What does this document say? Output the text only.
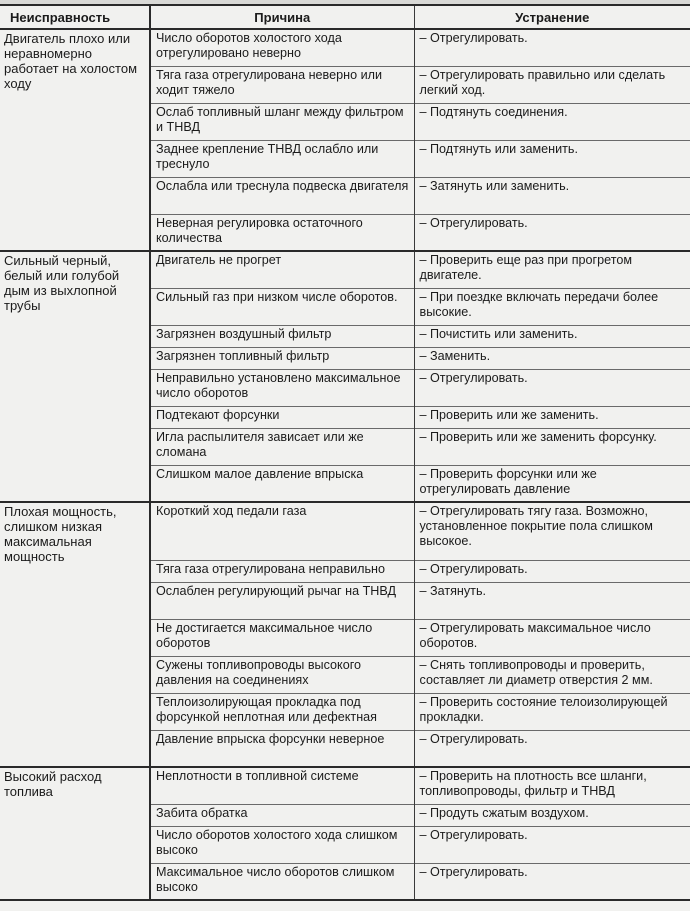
Неисправность	Причина	Устранение
Двигатель плохо или неравномерно работает на холостом ходу	Число оборотов холостого хода отрегулировано неверно	– Отрегулировать.
	Тяга газа отрегулирована неверно или ходит тяжело	– Отрегулировать правильно или сделать легкий ход.
	Ослаб топливный шланг между фильтром и ТНВД	– Подтянуть соединения.
	Заднее крепление ТНВД ослабло или треснуло	– Подтянуть или заменить.
	Ослабла или треснула подвеска двигателя	– Затянуть или заменить.
	Неверная регулировка остаточного количества	– Отрегулировать.
Сильный черный, белый или голубой дым из выхлопной трубы	Двигатель не прогрет	– Проверить еще раз при прогретом двигателе.
	Сильный газ при низком числе оборотов.	– При поездке включать передачи более высокие.
	Загрязнен воздушный фильтр	– Почистить или заменить.
	Загрязнен топливный фильтр	– Заменить.
	Неправильно установлено максимальное число оборотов	– Отрегулировать.
	Подтекают форсунки	– Проверить или же заменить.
	Игла распылителя зависает или же сломана	– Проверить или же заменить форсунку.
	Слишком малое давление впрыска	– Проверить форсунки или же отрегулировать давление
Плохая мощность, слишком низкая максимальная мощность	Короткий ход педали газа	– Отрегулировать тягу газа. Возможно, установленное покрытие пола слишком высокое.
	Тяга газа отрегулирована неправильно	– Отрегулировать.
	Ослаблен регулирующий рычаг на ТНВД	– Затянуть.
	Не достигается максимальное число оборотов	– Отрегулировать максимальное число оборотов.
	Сужены топливопроводы высокого давления на соединениях	– Снять топливопроводы и проверить, составляет ли диаметр отверстия 2 мм.
	Теплоизолирующая прокладка под форсункой неплотная или дефектная	– Проверить состояние телоизолирующей прокладки.
	Давление впрыска форсунки неверное	– Отрегулировать.
Высокий расход топлива	Неплотности в топливной системе	– Проверить на плотность все шланги, топливопроводы, фильтр и ТНВД
	Забита обратка	– Продуть сжатым воздухом.
	Число оборотов холостого хода слишком высоко	– Отрегулировать.
	Максимальное число оборотов слишком высоко	– Отрегулировать.
